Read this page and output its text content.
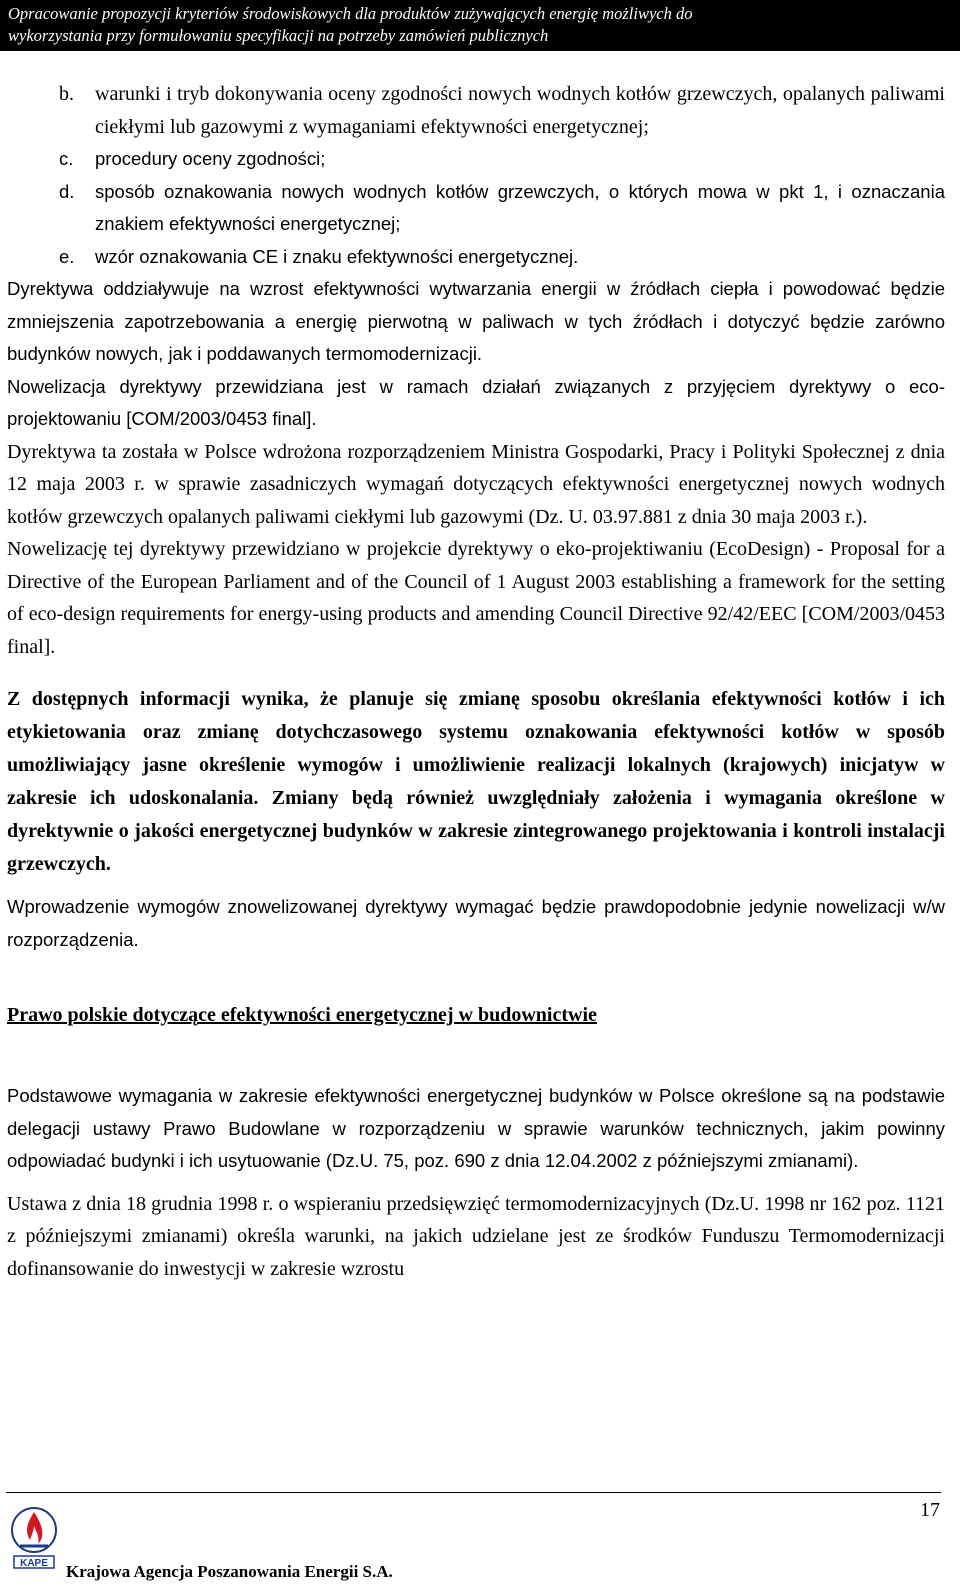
Opracowanie propozycji kryteriów środowiskowych dla produktów zużywających energię możliwych do
wykorzystania przy formułowaniu specyfikacji na potrzeby zamówień publicznych
b. warunki i tryb dokonywania oceny zgodności nowych wodnych kotłów grzewczych, opalanych paliwami ciekłymi lub gazowymi z wymaganiami efektywności energetycznej;
c. procedury oceny zgodności;
d. sposób oznakowania nowych wodnych kotłów grzewczych, o których mowa w pkt 1, i oznaczania znakiem efektywności energetycznej;
e. wzór oznakowania CE i znaku efektywności energetycznej.

Dyrektywa oddziaływuje na wzrost efektywności wytwarzania energii w źródłach ciepła i powodować będzie zmniejszenia zapotrzebowania a energię pierwotną w paliwach w tych źródłach i dotyczyć będzie zarówno budynków nowych, jak i poddawanych termomodernizacji.

Nowelizacja dyrektywy przewidziana jest w ramach działań związanych z przyjęciem dyrektywy o eco-projektowaniu [COM/2003/0453 final].

Dyrektywa ta została w Polsce wdrożona rozporządzeniem Ministra Gospodarki, Pracy i Polityki Społecznej z dnia 12 maja 2003 r. w sprawie zasadniczych wymagań dotyczących efektywności energetycznej nowych wodnych kotłów grzewczych opalanych paliwami ciekłymi lub gazowymi (Dz. U. 03.97.881 z dnia 30 maja 2003 r.).

Nowelizację tej dyrektywy przewidziano w projekcie dyrektywy o eko-projektiwaniu (EcoDesign) - Proposal for a Directive of the European Parliament and of the Council of 1 August 2003 establishing a framework for the setting of eco-design requirements for energy-using products and amending Council Directive 92/42/EEC [COM/2003/0453 final].

Z dostępnych informacji wynika, że planuje się zmianę sposobu określania efektywności kotłów i ich etykietowania oraz zmianę dotychczasowego systemu oznakowania efektywności kotłów w sposób umożliwiający jasne określenie wymogów i umożliwienie realizacji lokalnych (krajowych) inicjatyw w zakresie ich udoskonalania. Zmiany będą również uwzględniały założenia i wymagania określone w dyrektywnie o jakości energetycznej budynków w zakresie zintegrowanego projektowania i kontroli instalacji grzewczych.

Wprowadzenie wymogów znowelizowanej dyrektywy wymagać będzie prawdopodobnie jedynie nowelizacji w/w rozporządzenia.

Prawo polskie dotyczące efektywności energetycznej w budownictwie

Podstawowe wymagania w zakresie efektywności energetycznej budynków w Polsce określone są na podstawie delegacji ustawy Prawo Budowlane w rozporządzeniu w sprawie warunków technicznych, jakim powinny odpowiadać budynki i ich usytuowanie (Dz.U. 75, poz. 690 z dnia 12.04.2002 z późniejszymi zmianami).

Ustawa z dnia 18 grudnia 1998 r. o wspieraniu przedsięwzięć termomodernizacyjnych (Dz.U. 1998 nr 162 poz. 1121 z późniejszymi zmianami) określa warunki, na jakich udzielane jest ze środków Funduszu Termomodernizacji dofinansowanie do inwestycji w zakresie wzrostu

KAPE
17
Krajowa Agencja Poszanowania Energii S.A.
